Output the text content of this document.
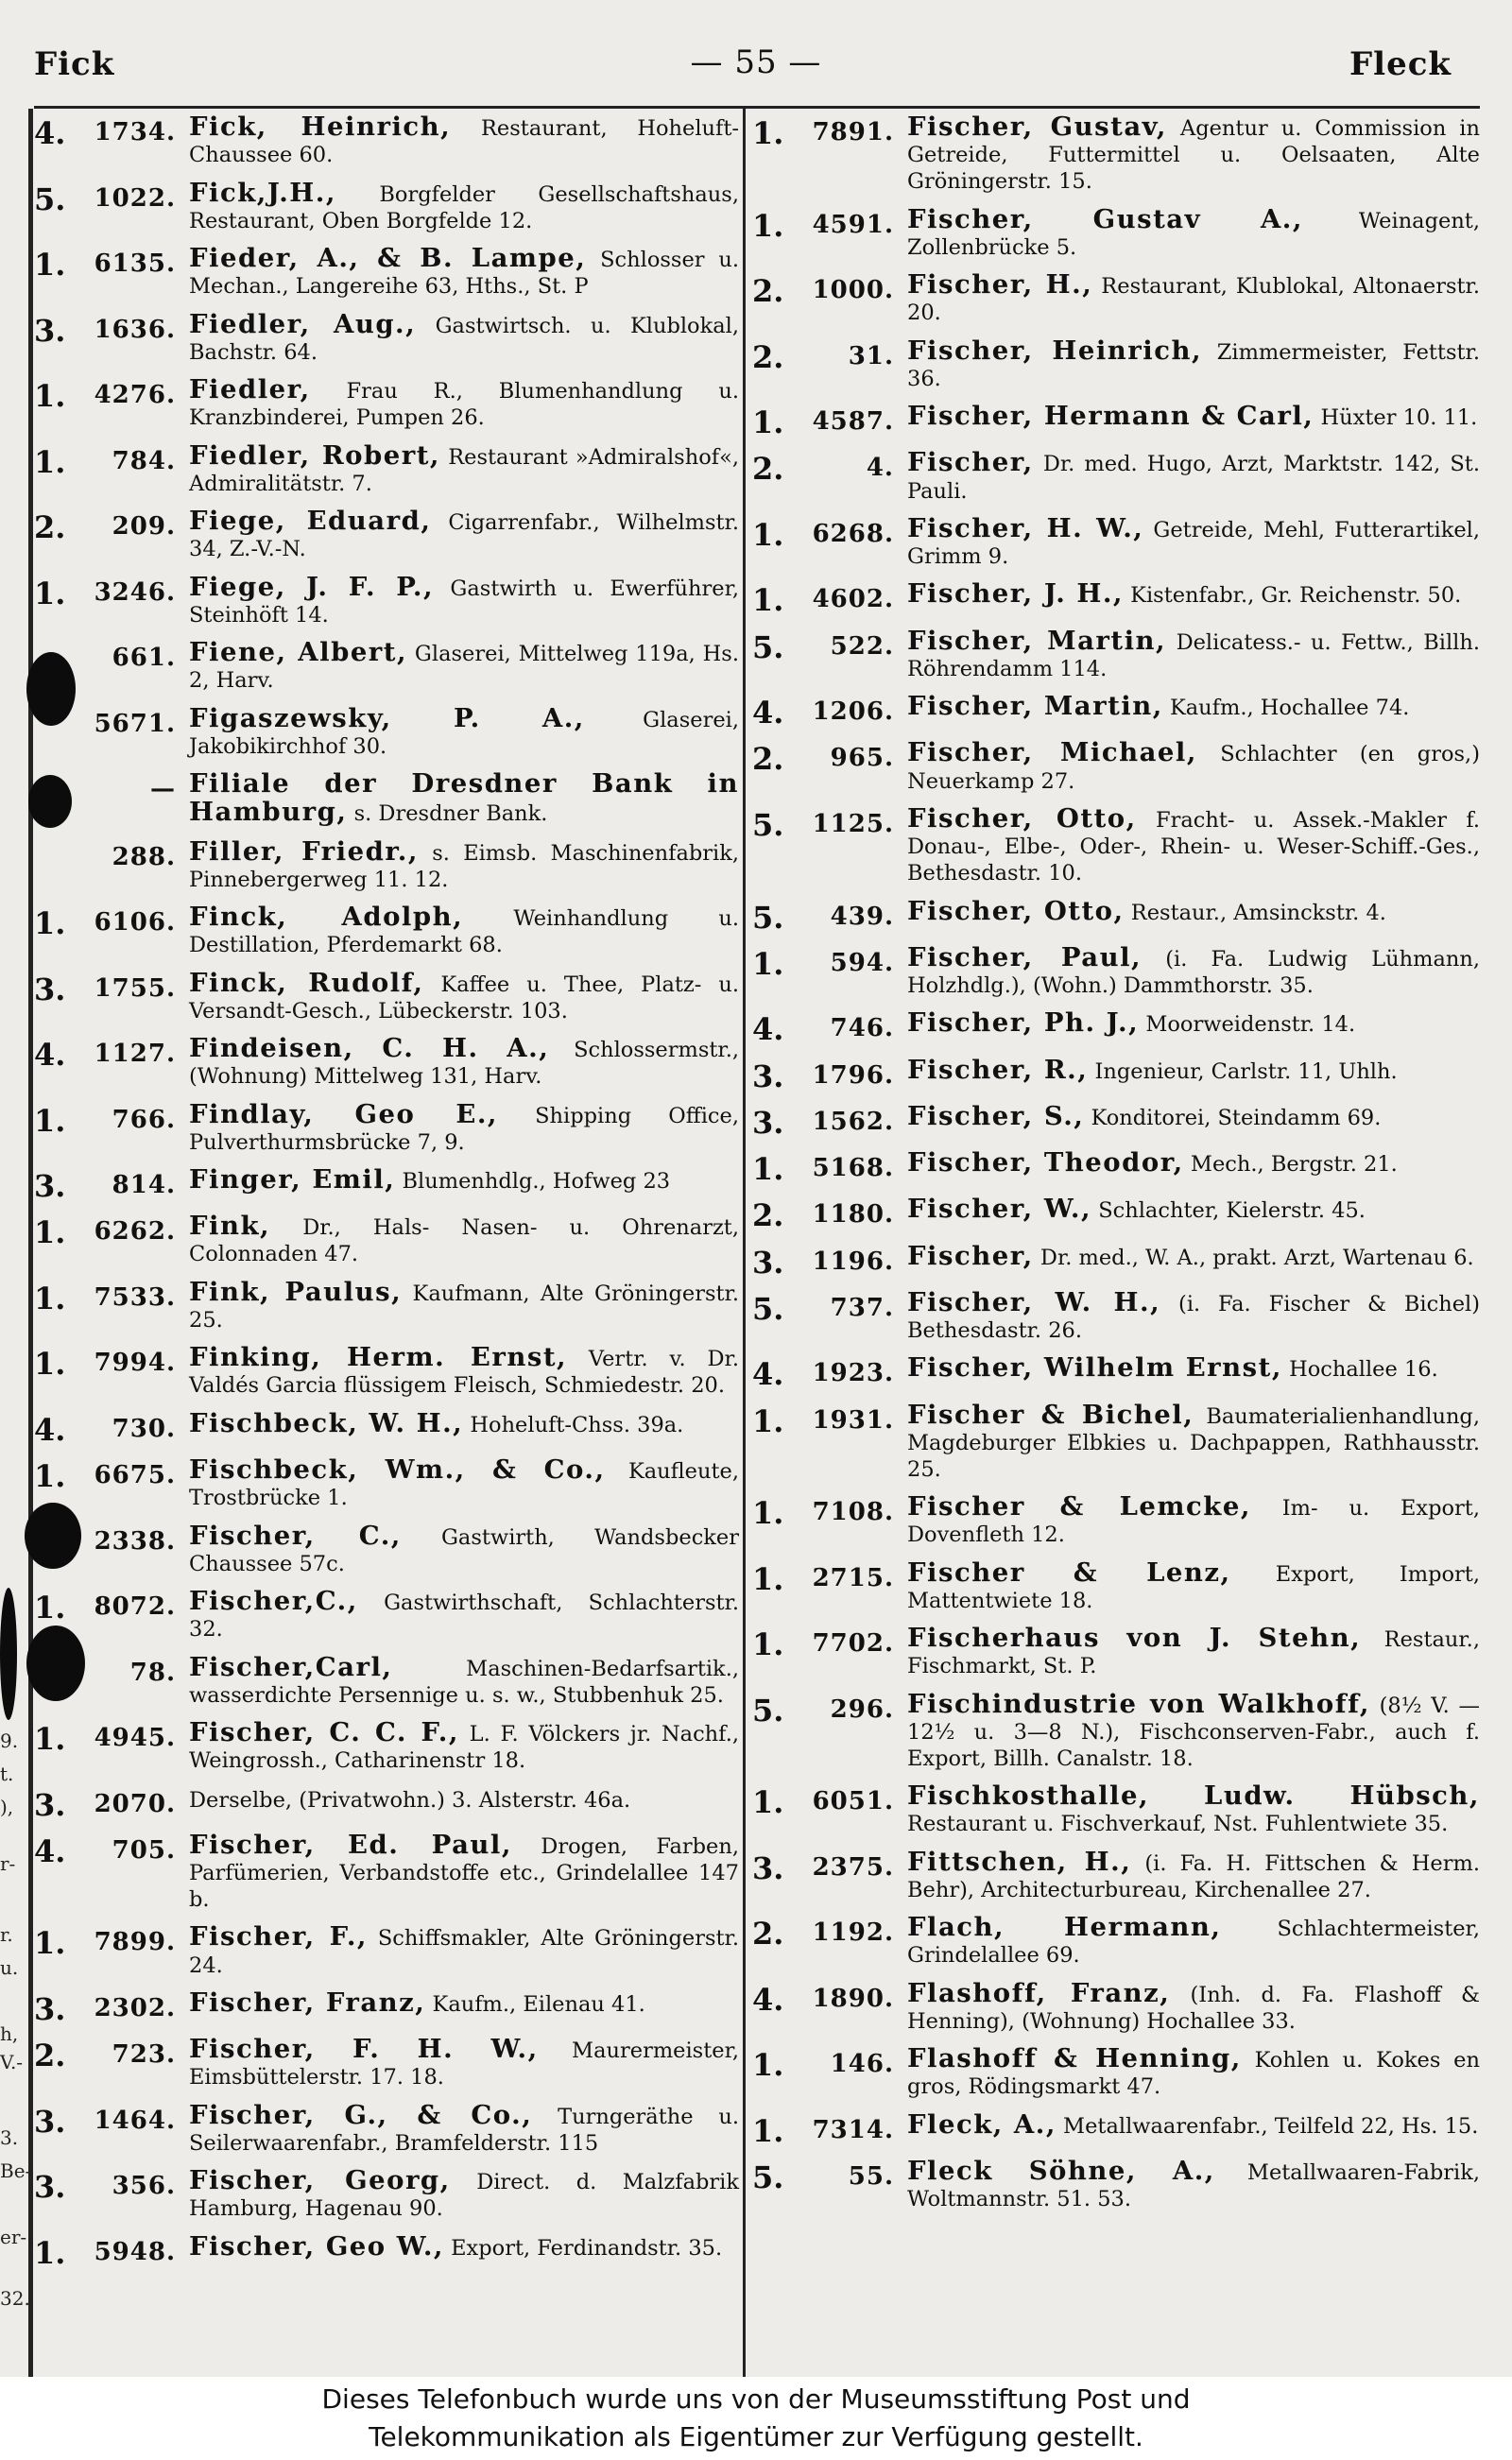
Fick	— 55 —	Fleck
9.
t.
),
r-
r.
u.
h,
V.-
3.
Be-
er-
32.
4.	1734. Fick, Heinrich, Restaurant, Hoheluft-Chaussee 60.
5.	1022. Fick,J.H., Borgfelder Gesellschaftshaus, Restaurant, Oben Borgfelde 12.
1.	6135. Fieder, A., & B. Lampe, Schlosser u. Mechan., Langereihe 63, Hths., St. P
3.	1636. Fiedler, Aug., Gastwirtsch. u. Klublokal, Bachstr. 64.
1.	4276. Fiedler, Frau R., Blumenhandlung u. Kranzbinderei, Pumpen 26.
1.	784. Fiedler, Robert, Restaurant »Admiralshof«, Admiralitätstr. 7.
2.	209. Fiege, Eduard, Cigarrenfabr., Wilhelmstr. 34, Z.-V.-N.
1.	3246. Fiege, J. F. P., Gastwirth u. Ewerführer, Steinhöft 14.
661. Fiene, Albert, Glaserei, Mittelweg 119a, Hs. 2, Harv.
5671. Figaszewsky, P. A., Glaserei, Jakobikirchhof 30.
— Filiale der Dresdner Bank in Hamburg, s. Dresdner Bank.
288. Filler, Friedr., s. Eimsb. Maschinenfabrik, Pinnebergerweg 11. 12.
1.	6106. Finck, Adolph, Weinhandlung u. Destillation, Pferdemarkt 68.
3.	1755. Finck, Rudolf, Kaffee u. Thee, Platz- u. Versandt-Gesch., Lübeckerstr. 103.
4.	1127. Findeisen, C. H. A., Schlossermstr., (Wohnung) Mittelweg 131, Harv.
1.	766. Findlay, Geo E., Shipping Office, Pulverthurmsbrücke 7, 9.
3.	814. Finger, Emil, Blumenhdlg., Hofweg 23
1.	6262. Fink, Dr., Hals- Nasen- u. Ohrenarzt, Colonnaden 47.
1.	7533. Fink, Paulus, Kaufmann, Alte Gröningerstr. 25.
1.	7994. Finking, Herm. Ernst, Vertr. v. Dr. Valdés Garcia flüssigem Fleisch, Schmiedestr. 20.
4.	730. Fischbeck, W. H., Hoheluft-Chss. 39a.
1.	6675. Fischbeck, Wm., & Co., Kaufleute, Trostbrücke 1.
2338. Fischer, C., Gastwirth, Wandsbecker Chaussee 57c.
1.	8072. Fischer,C., Gastwirthschaft, Schlachterstr. 32.
78. Fischer,Carl, Maschinen-Bedarfsartik., wasserdichte Persennige u. s. w., Stubbenhuk 25.
1.	4945. Fischer, C. C. F., L. F. Völckers jr. Nachf., Weingrossh., Catharinenstr 18.
3.	2070. Derselbe, (Privatwohn.) 3. Alsterstr. 46a.
4.	705. Fischer, Ed. Paul, Drogen, Farben, Parfümerien, Verbandstoffe etc., Grindelallee 147 b.
1.	7899. Fischer, F., Schiffsmakler, Alte Gröningerstr. 24.
3.	2302. Fischer, Franz, Kaufm., Eilenau 41.
2.	723. Fischer, F. H. W., Maurermeister, Eimsbüttelerstr. 17. 18.
3.	1464. Fischer, G., & Co., Turngeräthe u. Seilerwaarenfabr., Bramfelderstr. 115
3.	356. Fischer, Georg, Direct. d. Malzfabrik Hamburg, Hagenau 90.
1.	5948. Fischer, Geo W., Export, Ferdinandstr. 35.
1.	7891. Fischer, Gustav, Agentur u. Commission in Getreide, Futtermittel u. Oelsaaten, Alte Gröningerstr. 15.
1.	4591. Fischer, Gustav A., Weinagent, Zollenbrücke 5.
2.	1000. Fischer, H., Restaurant, Klublokal, Altonaerstr. 20.
2.	31. Fischer, Heinrich, Zimmermeister, Fettstr. 36.
1.	4587. Fischer, Hermann & Carl, Hüxter 10. 11.
2.	4. Fischer, Dr. med. Hugo, Arzt, Marktstr. 142, St. Pauli.
1.	6268. Fischer, H. W., Getreide, Mehl, Futterartikel, Grimm 9.
1.	4602. Fischer, J. H., Kistenfabr., Gr. Reichenstr. 50.
5.	522. Fischer, Martin, Delicatess.- u. Fettw., Billh. Röhrendamm 114.
4.	1206. Fischer, Martin, Kaufm., Hochallee 74.
2.	965. Fischer, Michael, Schlachter (en gros,) Neuerkamp 27.
5.	1125. Fischer, Otto, Fracht- u. Assek.-Makler f. Donau-, Elbe-, Oder-, Rhein- u. Weser-Schiff.-Ges., Bethesdastr. 10.
5.	439. Fischer, Otto, Restaur., Amsinckstr. 4.
1.	594. Fischer, Paul, (i. Fa. Ludwig Lühmann, Holzhdlg.), (Wohn.) Dammthorstr. 35.
4.	746. Fischer, Ph. J., Moorweidenstr. 14.
3.	1796. Fischer, R., Ingenieur, Carlstr. 11, Uhlh.
3.	1562. Fischer, S., Konditorei, Steindamm 69.
1.	5168. Fischer, Theodor, Mech., Bergstr. 21.
2.	1180. Fischer, W., Schlachter, Kielerstr. 45.
3.	1196. Fischer, Dr. med., W. A., prakt. Arzt, Wartenau 6.
5.	737. Fischer, W. H., (i. Fa. Fischer & Bichel) Bethesdastr. 26.
4.	1923. Fischer, Wilhelm Ernst, Hochallee 16.
1.	1931. Fischer & Bichel, Baumaterialienhandlung, Magdeburger Elbkies u. Dachpappen, Rathhausstr. 25.
1.	7108. Fischer & Lemcke, Im- u. Export, Dovenfleth 12.
1.	2715. Fischer & Lenz, Export, Import, Mattentwiete 18.
1.	7702. Fischerhaus von J. Stehn, Restaur., Fischmarkt, St. P.
5.	296. Fischindustrie von Walkhoff, (8½ V. — 12½ u. 3—8 N.), Fischconserven-Fabr., auch f. Export, Billh. Canalstr. 18.
1.	6051. Fischkosthalle, Ludw. Hübsch, Restaurant u. Fischverkauf, Nst. Fuhlentwiete 35.
3.	2375. Fittschen, H., (i. Fa. H. Fittschen & Herm. Behr), Architecturbureau, Kirchenallee 27.
2.	1192. Flach, Hermann, Schlachtermeister, Grindelallee 69.
4.	1890. Flashoff, Franz, (Inh. d. Fa. Flashoff & Henning), (Wohnung) Hochallee 33.
1.	146. Flashoff & Henning, Kohlen u. Kokes en gros, Rödingsmarkt 47.
1.	7314. Fleck, A., Metallwaarenfabr., Teilfeld 22, Hs. 15.
5.	55. Fleck Söhne, A., Metallwaaren-Fabrik, Woltmannstr. 51. 53.
Dieses Telefonbuch wurde uns von der Museumsstiftung Post und
Telekommunikation als Eigentümer zur Verfügung gestellt.
